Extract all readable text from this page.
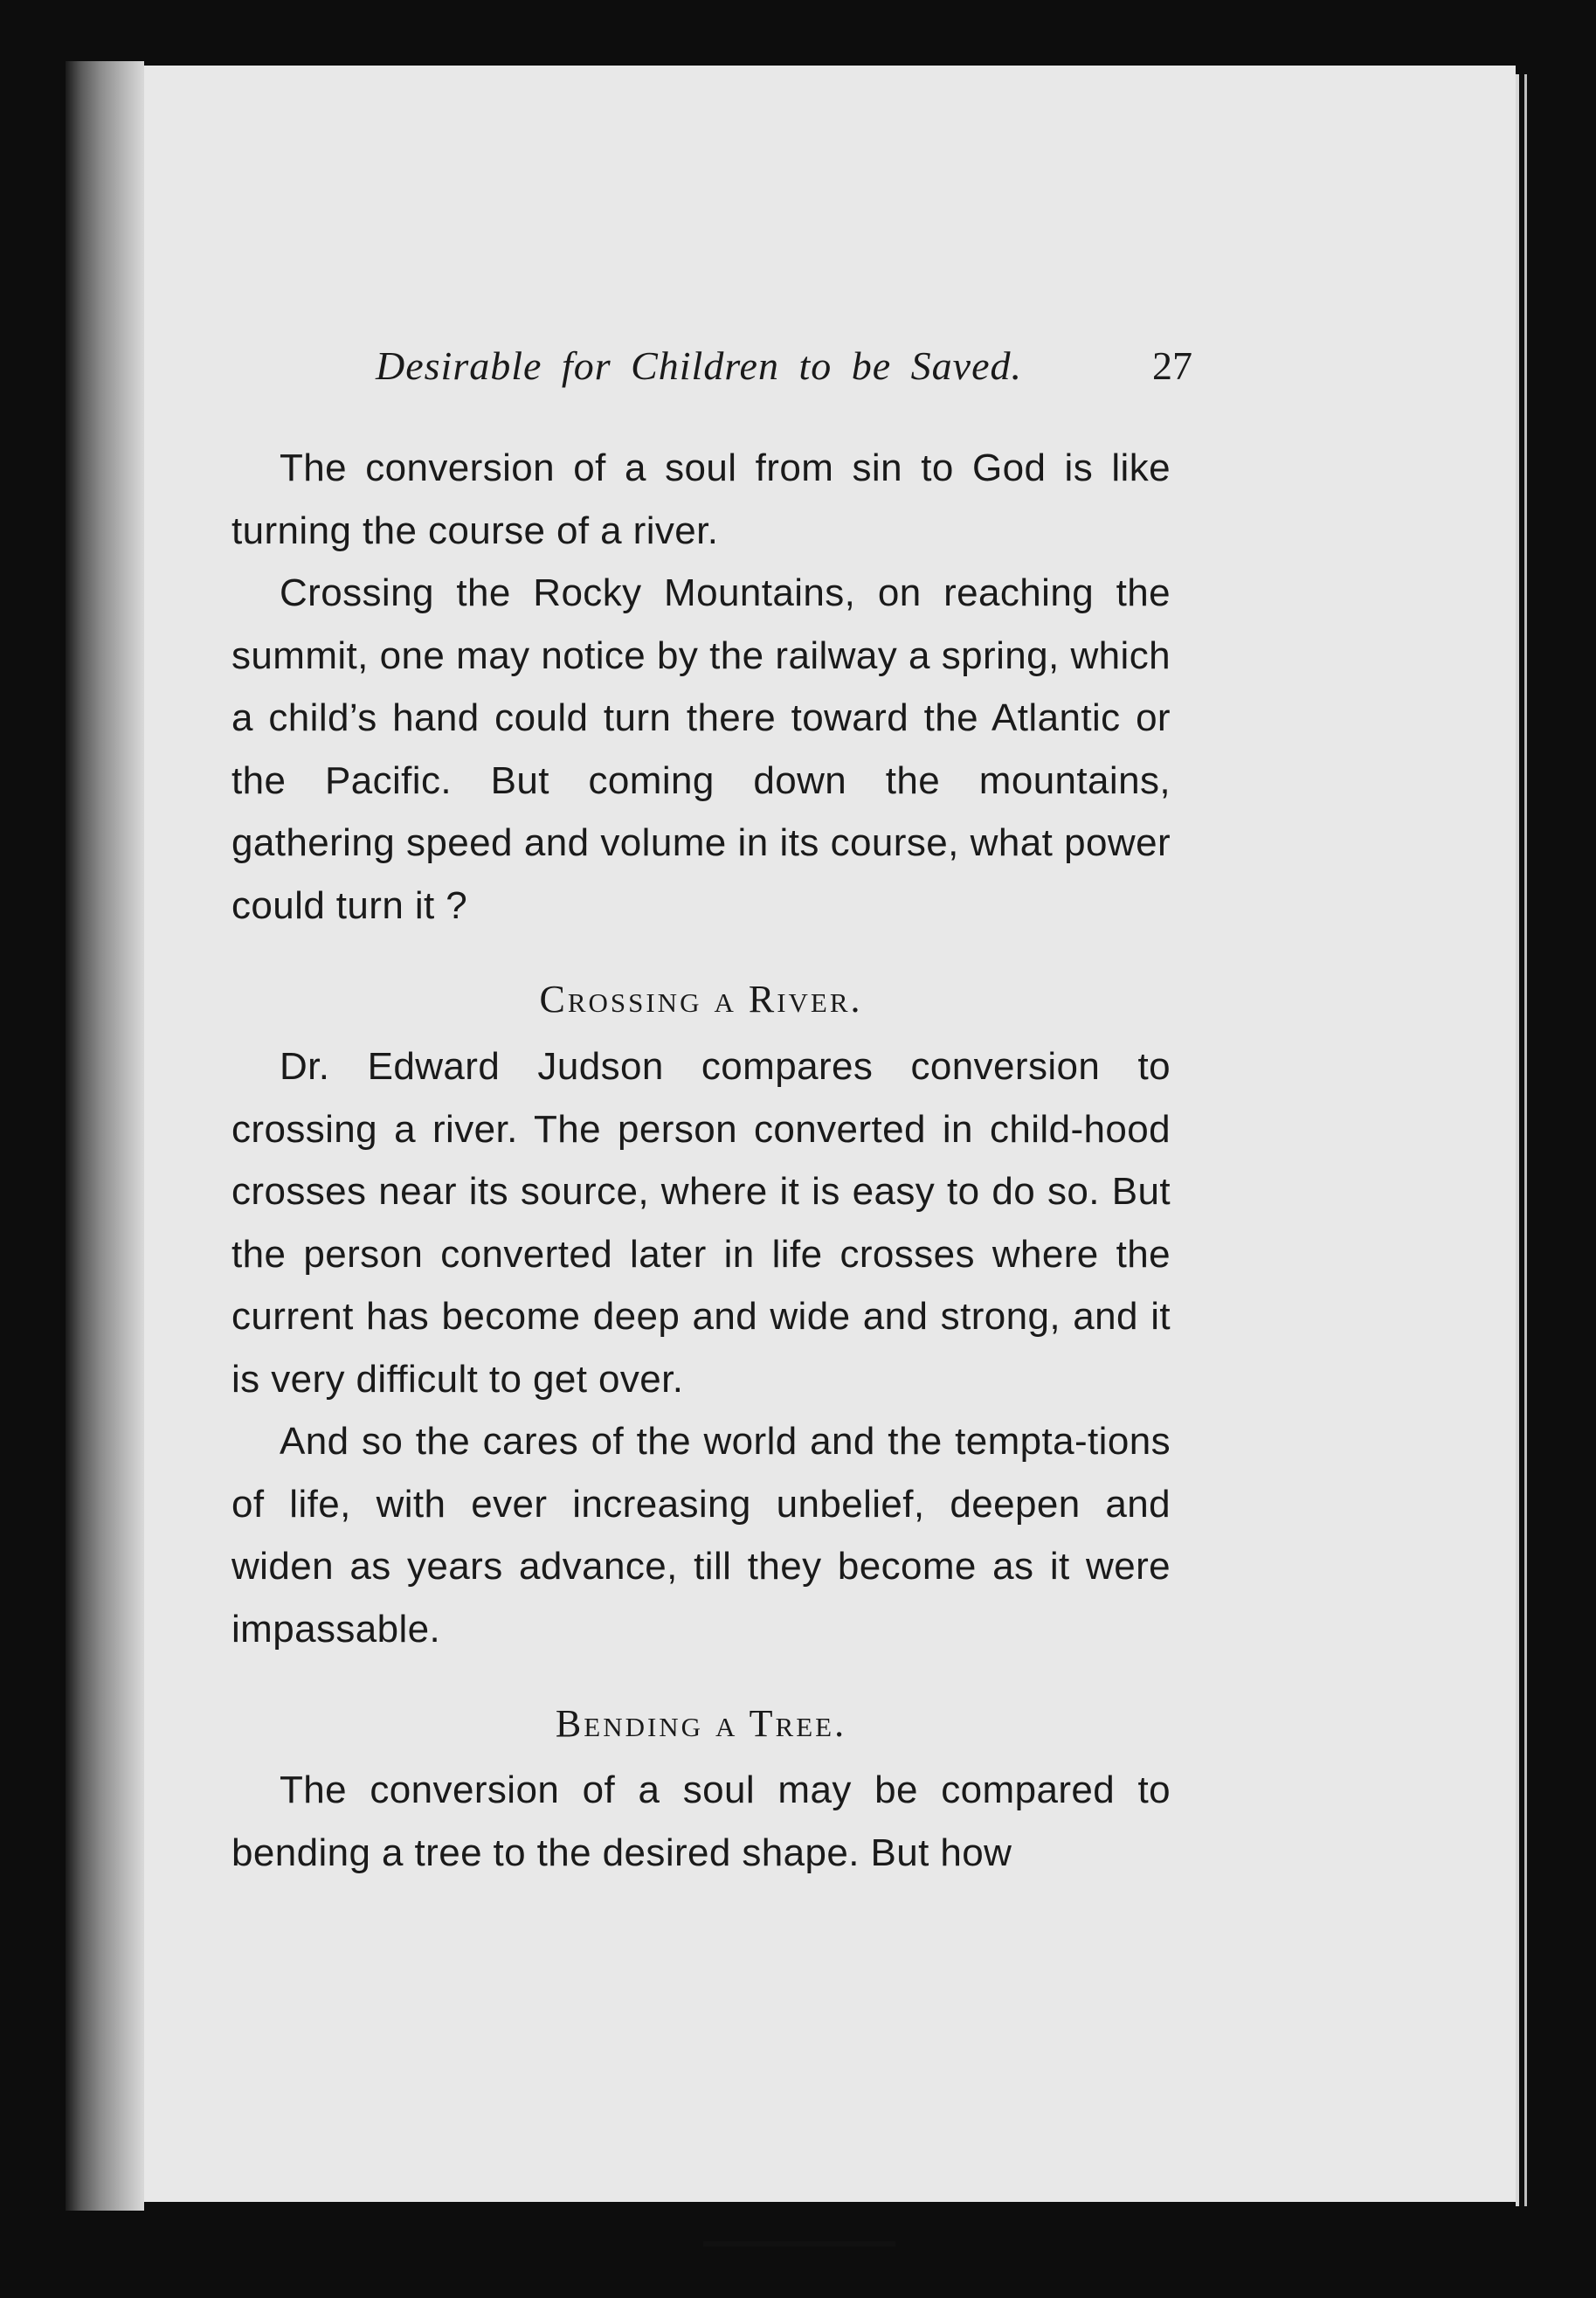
Desirable for Children to be Saved.	27

The conversion of a soul from sin to God is like turning the course of a river.

Crossing the Rocky Mountains, on reaching the summit, one may notice by the railway a spring, which a child’s hand could turn there toward the Atlantic or the Pacific. But coming down the mountains, gathering speed and volume in its course, what power could turn it ?

Crossing a River.

Dr. Edward Judson compares conversion to crossing a river. The person converted in child-hood crosses near its source, where it is easy to do so. But the person converted later in life crosses where the current has become deep and wide and strong, and it is very difficult to get over.

And so the cares of the world and the tempta-tions of life, with ever increasing unbelief, deepen and widen as years advance, till they become as it were impassable.

Bending a Tree.

The conversion of a soul may be compared to bending a tree to the desired shape. But how
